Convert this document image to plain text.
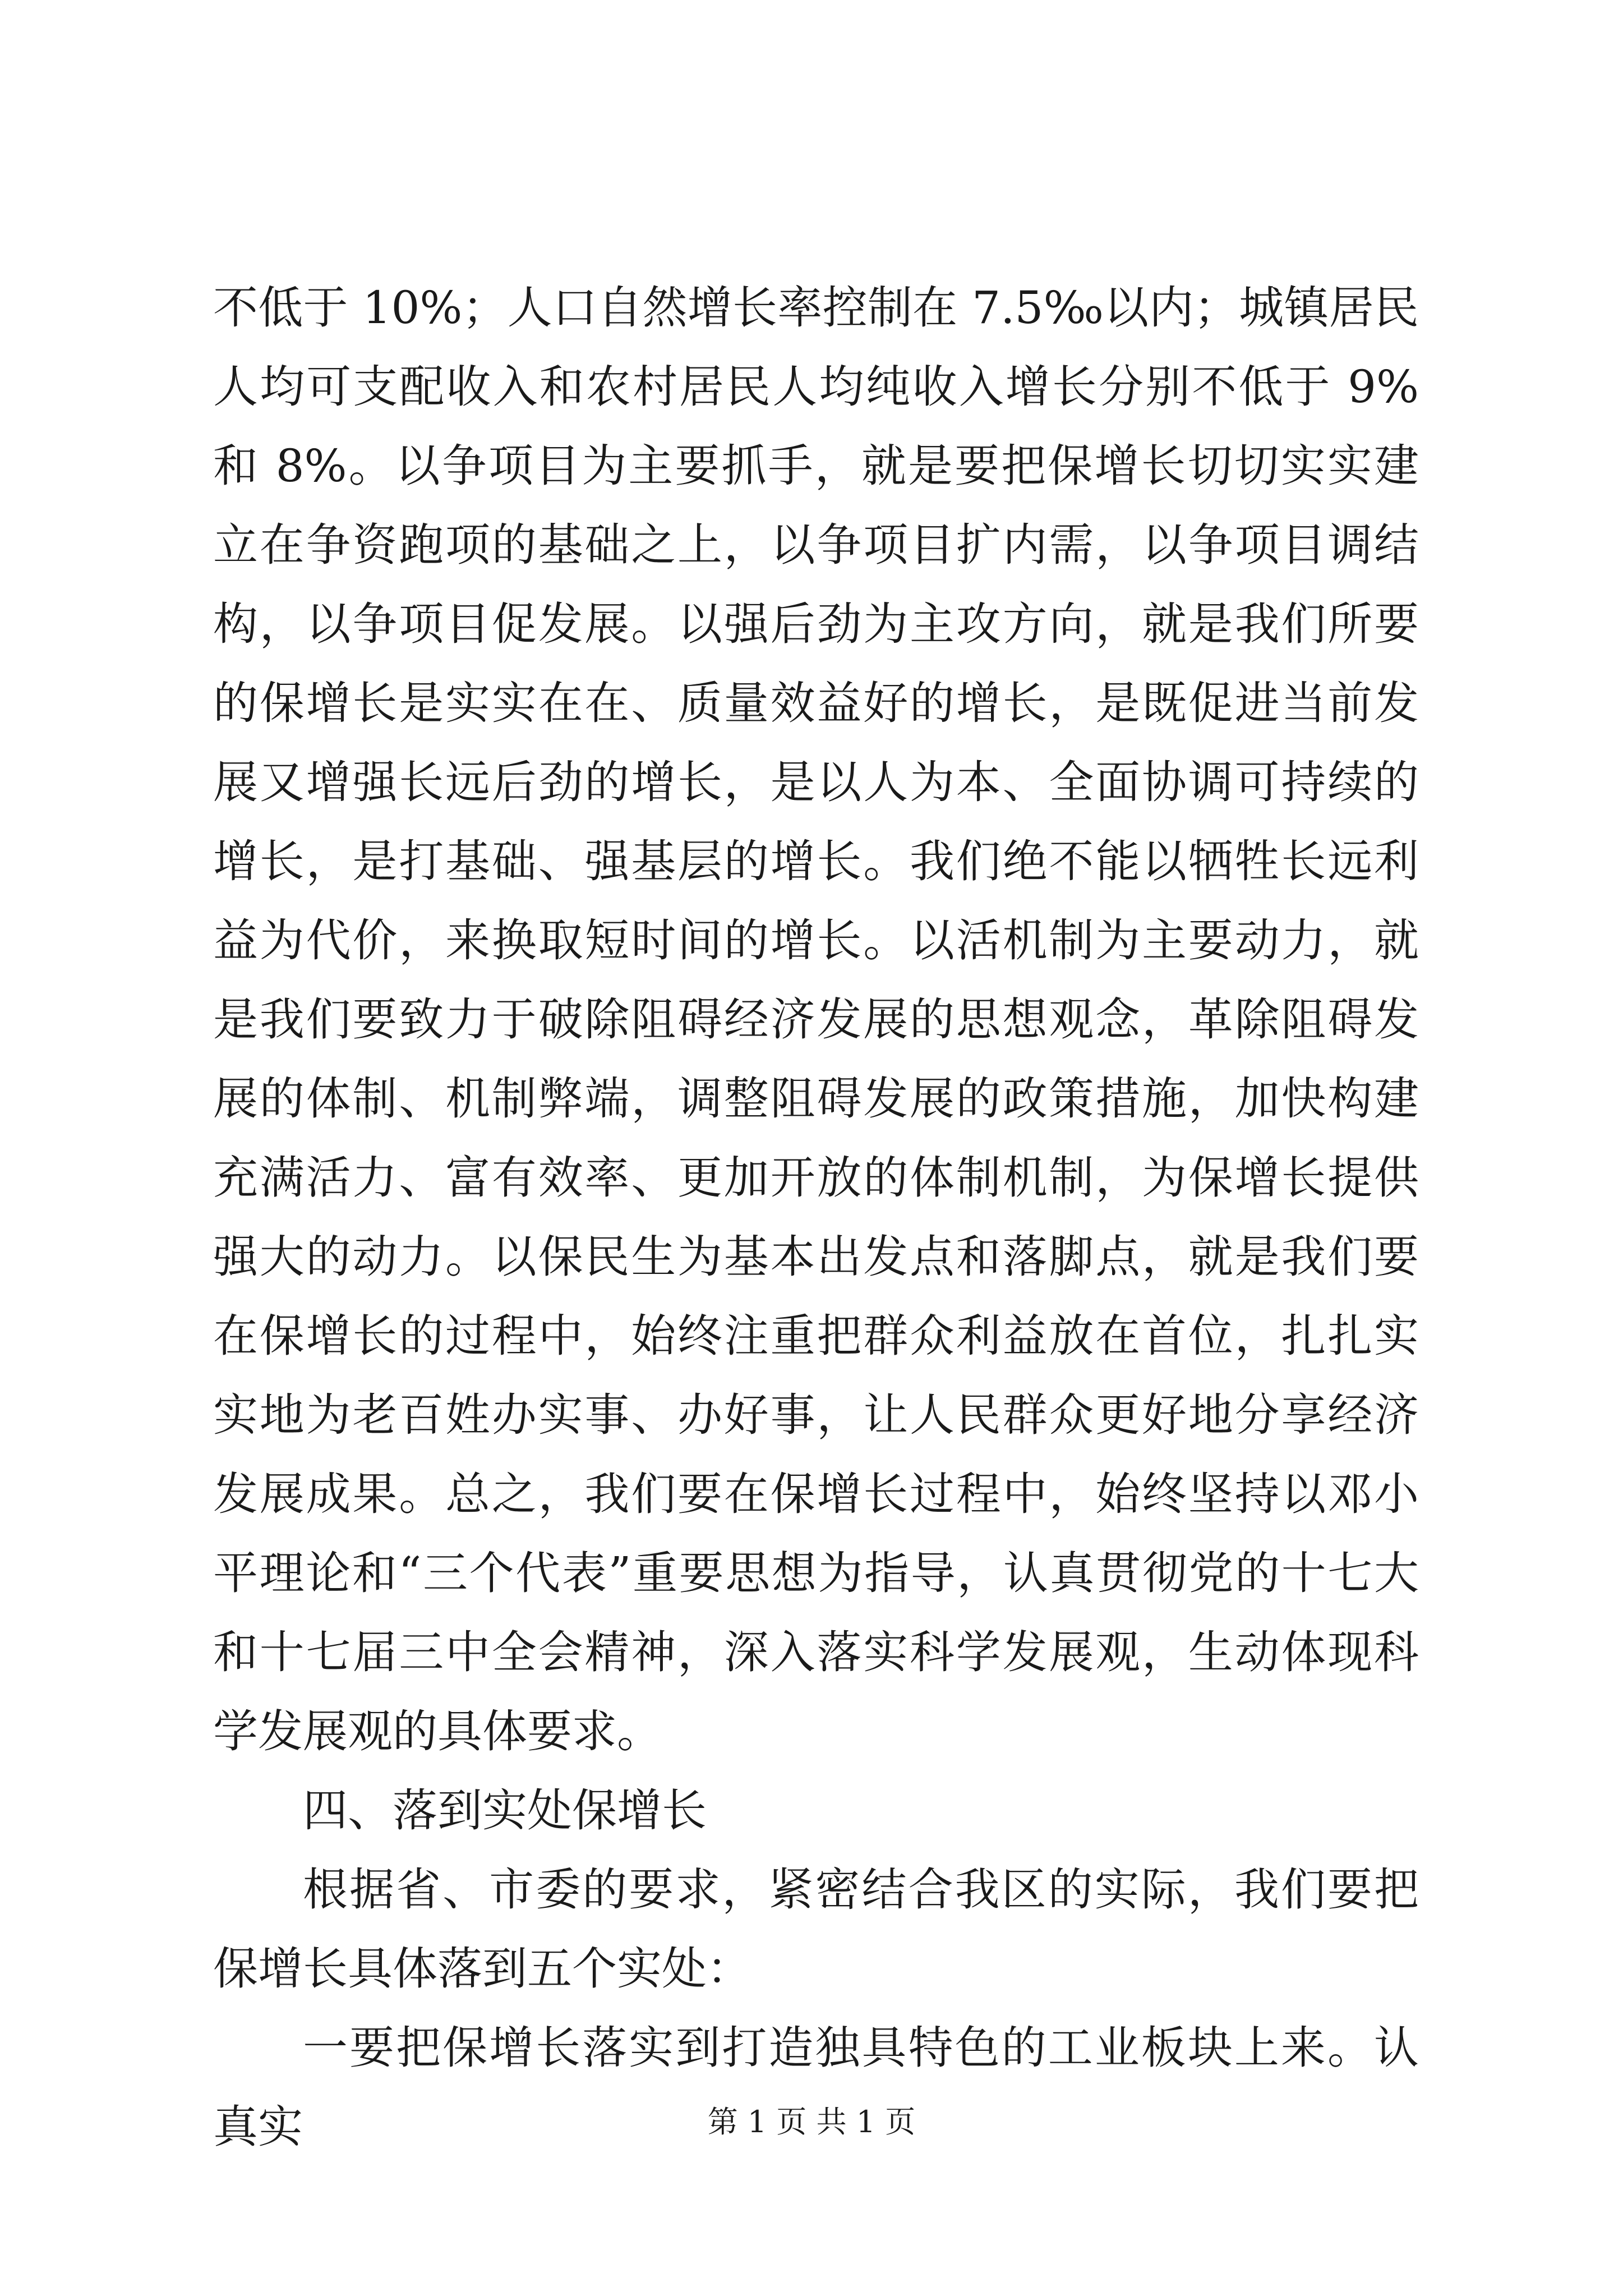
不低于 10%；人口自然增长率控制在 7.5‰以内；城镇居民人均可支配收入和农村居民人均纯收入增长分别不低于 9%和 8%。以争项目为主要抓手，就是要把保增长切切实实建立在争资跑项的基础之上，以争项目扩内需，以争项目调结构，以争项目促发展。以强后劲为主攻方向，就是我们所要的保增长是实实在在、质量效益好的增长，是既促进当前发展又增强长远后劲的增长，是以人为本、全面协调可持续的增长，是打基础、强基层的增长。我们绝不能以牺牲长远利益为代价，来换取短时间的增长。以活机制为主要动力，就是我们要致力于破除阻碍经济发展的思想观念，革除阻碍发展的体制、机制弊端，调整阻碍发展的政策措施，加快构建充满活力、富有效率、更加开放的体制机制，为保增长提供强大的动力。以保民生为基本出发点和落脚点，就是我们要在保增长的过程中，始终注重把群众利益放在首位，扎扎实实地为老百姓办实事、办好事，让人民群众更好地分享经济发展成果。总之，我们要在保增长过程中，始终坚持以邓小平理论和“三个代表”重要思想为指导，认真贯彻党的十七大和十七届三中全会精神，深入落实科学发展观，生动体现科学发展观的具体要求。

四、落到实处保增长

根据省、市委的要求，紧密结合我区的实际，我们要把保增长具体落到五个实处：

一要把保增长落实到打造独具特色的工业板块上来。认真实	第 1 页 共 1 页
